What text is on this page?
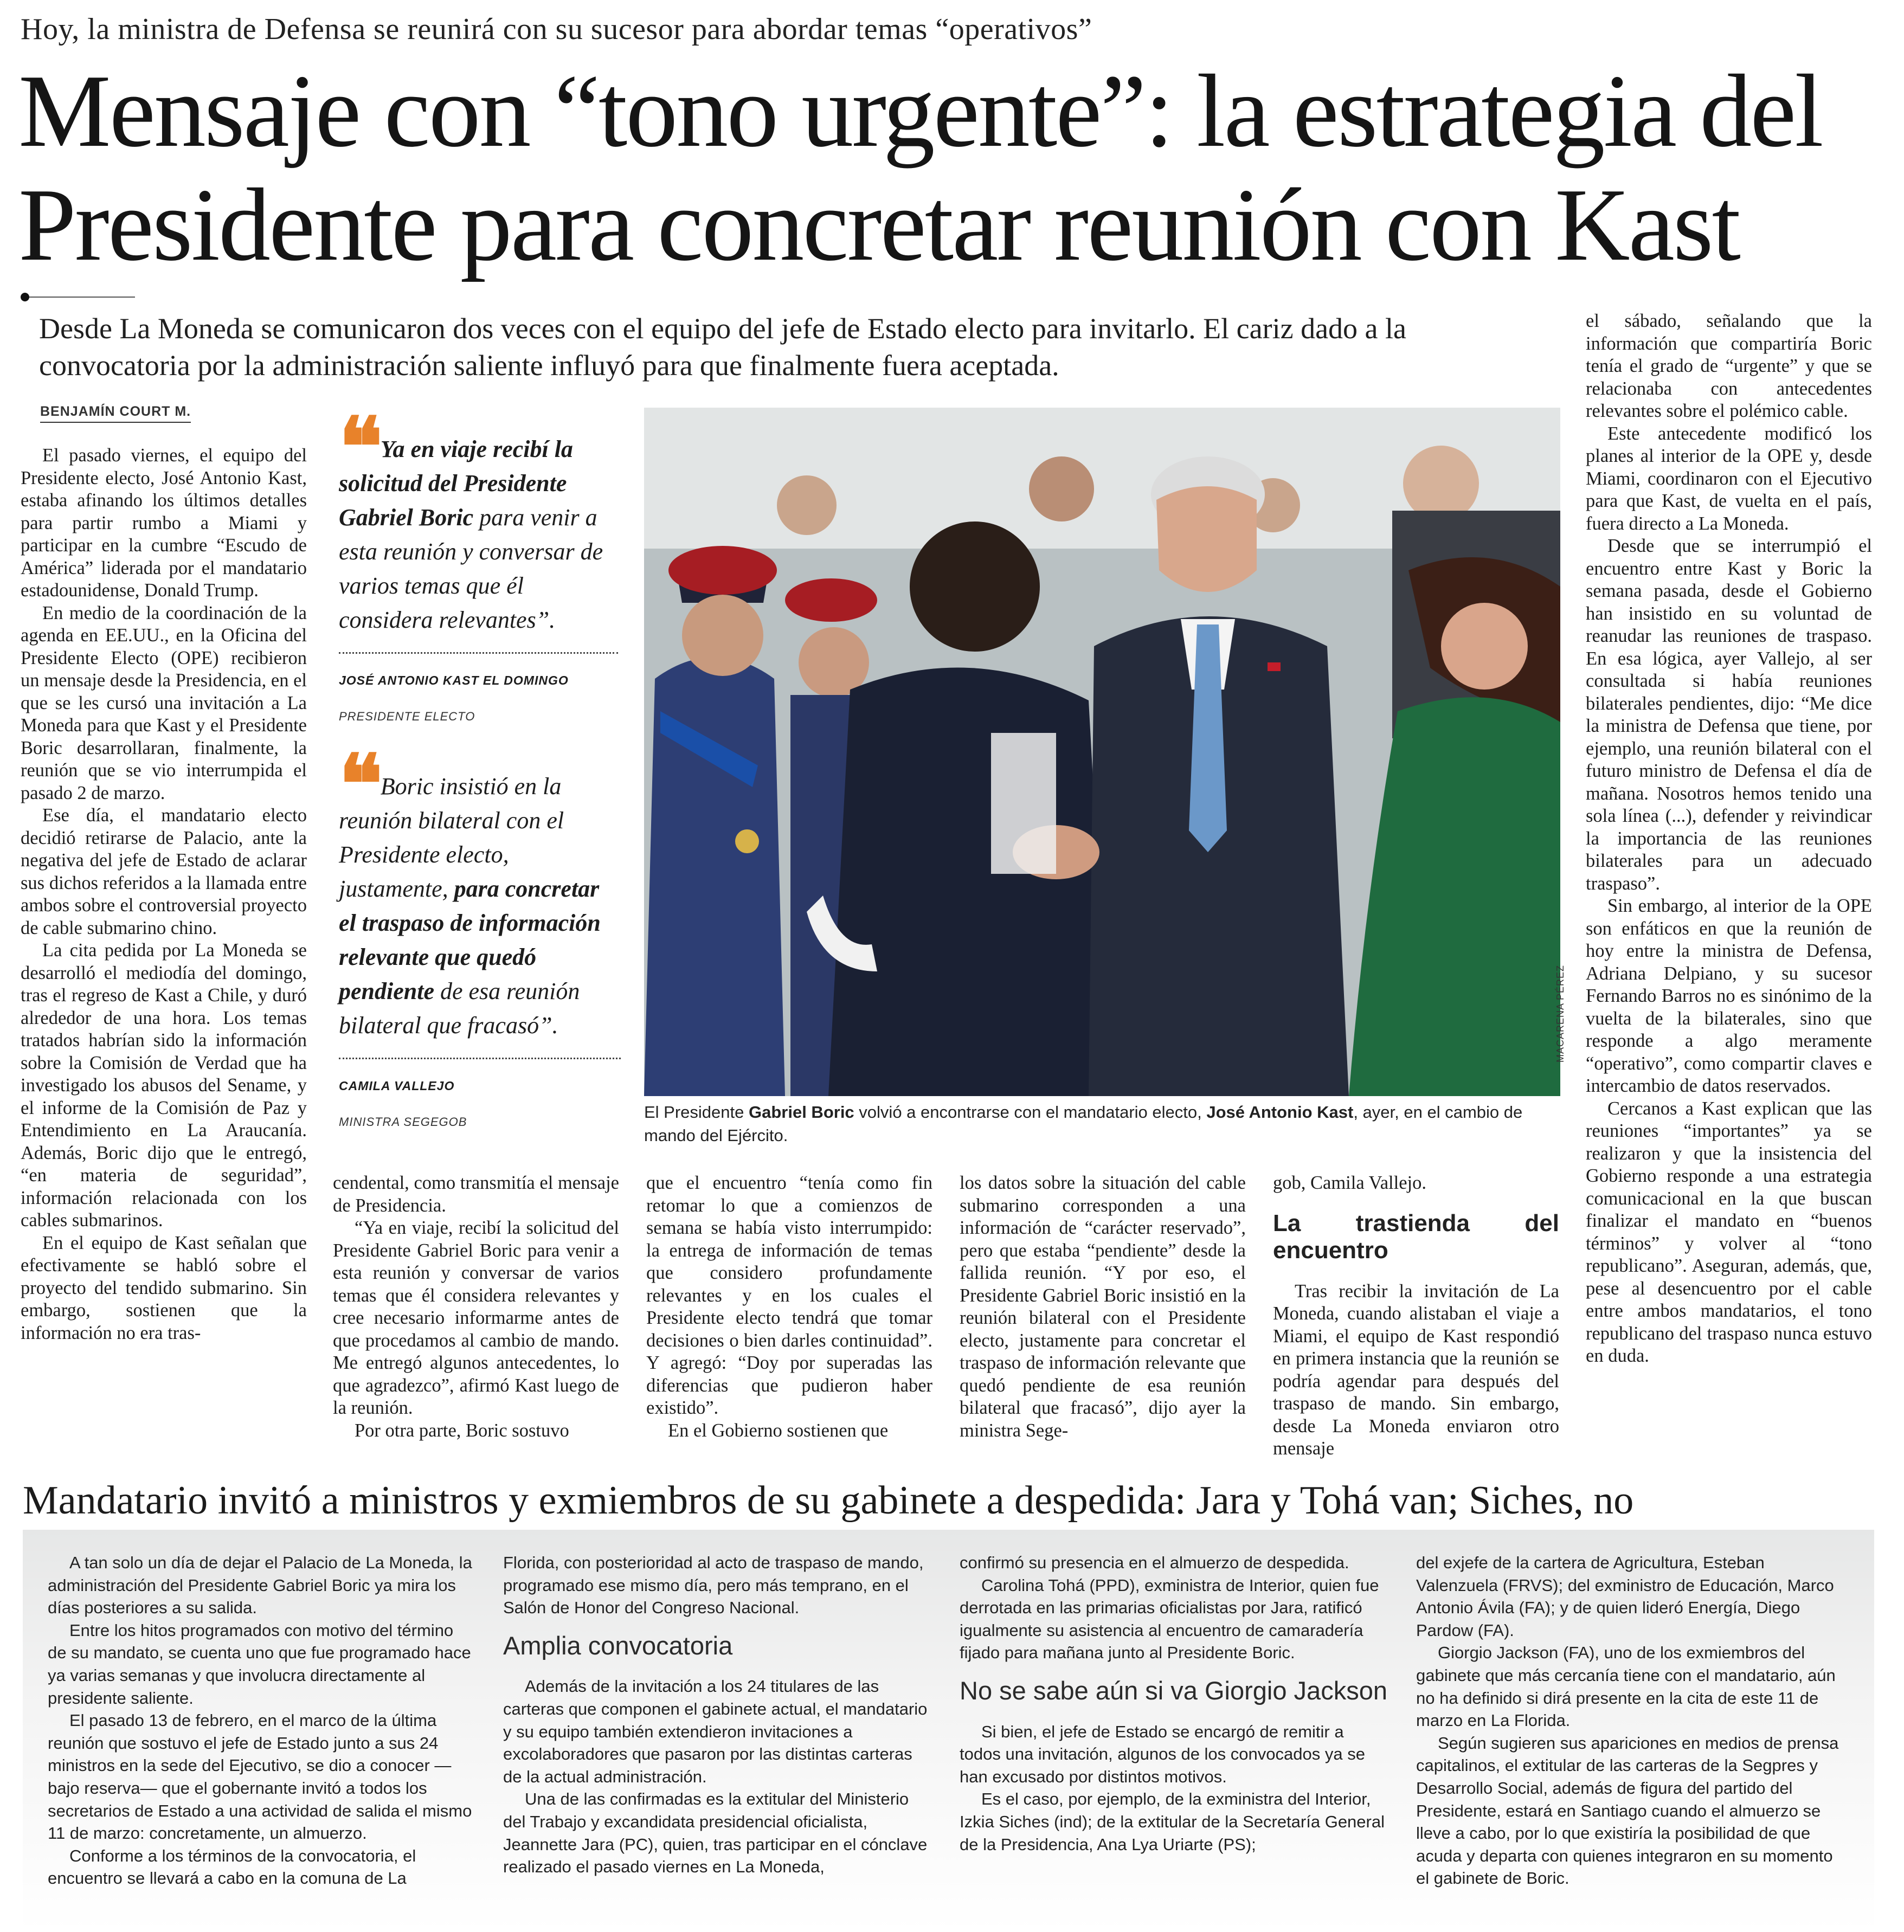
Hoy, la ministra de Defensa se reunirá con su sucesor para abordar temas “operativos”
Mensaje con “tono urgente”: la estrategia del
Presidente para concretar reunión con Kast
Desde La Moneda se comunicaron dos veces con el equipo del jefe de Estado electo para invitarlo. El cariz dado a la convocatoria por la administración saliente influyó para que finalmente fuera aceptada.
BENJAMÍN COURT M.

El pasado viernes, el equipo del Presidente electo, José Antonio Kast, estaba afinando los últimos detalles para partir rumbo a Miami y participar en la cumbre “Escudo de América” liderada por el mandatario estadounidense, Donald Trump.

En medio de la coordinación de la agenda en EE.UU., en la Oficina del Presidente Electo (OPE) recibieron un mensaje desde la Presidencia, en el que se les cursó una invitación a La Moneda para que Kast y el Presidente Boric desarrollaran, finalmente, la reunión que se vio interrumpida el pasado 2 de marzo.

Ese día, el mandatario electo decidió retirarse de Palacio, ante la negativa del jefe de Estado de aclarar sus dichos referidos a la llamada entre ambos sobre el controversial proyecto de cable submarino chino.

La cita pedida por La Moneda se desarrolló el mediodía del domingo, tras el regreso de Kast a Chile, y duró alrededor de una hora. Los temas tratados habrían sido la información sobre la Comisión de Verdad que ha investigado los abusos del Sename, y el informe de la Comisión de Paz y Entendimiento en La Araucanía. Además, Boric dijo que le entregó, “en materia de seguridad”, información relacionada con los cables submarinos.

En el equipo de Kast señalan que efectivamente se habló sobre el proyecto del tendido submarino. Sin embargo, sostienen que la información no era tras-

❝ Ya en viaje recibí la solicitud del Presidente Gabriel Boric para venir a esta reunión y conversar de varios temas que él considera relevantes”.
JOSÉ ANTONIO KAST EL DOMINGO
PRESIDENTE ELECTO
❝ Boric insistió en la reunión bilateral con el Presidente electo, justamente, para concretar el traspaso de información relevante que quedó pendiente de esa reunión bilateral que fracasó”.
CAMILA VALLEJO
MINISTRA SEGEGOB
MACARENA PÉREZ
El Presidente Gabriel Boric volvió a encontrarse con el mandatario electo, José Antonio Kast, ayer, en el cambio de mando del Ejército.

cendental, como transmitía el mensaje de Presidencia.

“Ya en viaje, recibí la solicitud del Presidente Gabriel Boric para venir a esta reunión y conversar de varios temas que él considera relevantes y cree necesario informarme antes de que procedamos al cambio de mando. Me entregó algunos antecedentes, lo que agradezco”, afirmó Kast luego de la reunión.

Por otra parte, Boric sostuvo

que el encuentro “tenía como fin retomar lo que a comienzos de semana se había visto interrumpido: la entrega de información de temas que considero profundamente relevantes y en los cuales el Presidente electo tendrá que tomar decisiones o bien darles continuidad”. Y agregó: “Doy por superadas las diferencias que pudieron haber existido”.

En el Gobierno sostienen que

los datos sobre la situación del cable submarino corresponden a una información de “carácter reservado”, pero que estaba “pendiente” desde la fallida reunión. “Y por eso, el Presidente Gabriel Boric insistió en la reunión bilateral con el Presidente electo, justamente para concretar el traspaso de información relevante que quedó pendiente de esa reunión bilateral que fracasó”, dijo ayer la ministra Sege-

gob, Camila Vallejo.

La trastienda del encuentro

Tras recibir la invitación de La Moneda, cuando alistaban el viaje a Miami, el equipo de Kast respondió en primera instancia que la reunión se podría agendar para después del traspaso de mando. Sin embargo, desde La Moneda enviaron otro mensaje

el sábado, señalando que la información que compartiría Boric tenía el grado de “urgente” y que se relacionaba con antecedentes relevantes sobre el polémico cable.

Este antecedente modificó los planes al interior de la OPE y, desde Miami, coordinaron con el Ejecutivo para que Kast, de vuelta en el país, fuera directo a La Moneda.

Desde que se interrumpió el encuentro entre Kast y Boric la semana pasada, desde el Gobierno han insistido en su voluntad de reanudar las reuniones de traspaso. En esa lógica, ayer Vallejo, al ser consultada si había reuniones bilaterales pendientes, dijo: “Me dice la ministra de Defensa que tiene, por ejemplo, una reunión bilateral con el futuro ministro de Defensa el día de mañana. Nosotros hemos tenido una sola línea (...), defender y reivindicar la importancia de las reuniones bilaterales para un adecuado traspaso”.

Sin embargo, al interior de la OPE son enfáticos en que la reunión de hoy entre la ministra de Defensa, Adriana Delpiano, y su sucesor Fernando Barros no es sinónimo de la vuelta de la bilaterales, sino que responde a algo meramente “operativo”, como compartir claves e intercambio de datos reservados.

Cercanos a Kast explican que las reuniones “importantes” ya se realizaron y que la insistencia del Gobierno responde a una estrategia comunicacional en la que buscan finalizar el mandato en “buenos términos” y volver al “tono republicano”. Aseguran, además, que, pese al desencuentro por el cable entre ambos mandatarios, el tono republicano del traspaso nunca estuvo en duda.

Mandatario invitó a ministros y exmiembros de su gabinete a despedida: Jara y Tohá van; Siches, no

A tan solo un día de dejar el Palacio de La Moneda, la administración del Presidente Gabriel Boric ya mira los días posteriores a su salida.

Entre los hitos programados con motivo del término de su mandato, se cuenta uno que fue programado hace ya varias semanas y que involucra directamente al presidente saliente.

El pasado 13 de febrero, en el marco de la última reunión que sostuvo el jefe de Estado junto a sus 24 ministros en la sede del Ejecutivo, se dio a conocer —bajo reserva— que el gobernante invitó a todos los secretarios de Estado a una actividad de salida el mismo 11 de marzo: concretamente, un almuerzo.

Conforme a los términos de la convocatoria, el encuentro se llevará a cabo en la comuna de La

Florida, con posterioridad al acto de traspaso de mando, programado ese mismo día, pero más temprano, en el Salón de Honor del Congreso Nacional.

Amplia convocatoria

Además de la invitación a los 24 titulares de las carteras que componen el gabinete actual, el mandatario y su equipo también extendieron invitaciones a excolaboradores que pasaron por las distintas carteras de la actual administración.

Una de las confirmadas es la extitular del Ministerio del Trabajo y excandidata presidencial oficialista, Jeannette Jara (PC), quien, tras participar en el cónclave realizado el pasado viernes en La Moneda,

confirmó su presencia en el almuerzo de despedida.

Carolina Tohá (PPD), exministra de Interior, quien fue derrotada en las primarias oficialistas por Jara, ratificó igualmente su asistencia al encuentro de camaradería fijado para mañana junto al Presidente Boric.

No se sabe aún si va Giorgio Jackson

Si bien, el jefe de Estado se encargó de remitir a todos una invitación, algunos de los convocados ya se han excusado por distintos motivos.

Es el caso, por ejemplo, de la exministra del Interior, Izkia Siches (ind); de la extitular de la Secretaría General de la Presidencia, Ana Lya Uriarte (PS);

del exjefe de la cartera de Agricultura, Esteban Valenzuela (FRVS); del exministro de Educación, Marco Antonio Ávila (FA); y de quien lideró Energía, Diego Pardow (FA).

Giorgio Jackson (FA), uno de los exmiembros del gabinete que más cercanía tiene con el mandatario, aún no ha definido si dirá presente en la cita de este 11 de marzo en La Florida.

Según sugieren sus apariciones en medios de prensa capitalinos, el extitular de las carteras de la Segpres y Desarrollo Social, además de figura del partido del Presidente, estará en Santiago cuando el almuerzo se lleve a cabo, por lo que existiría la posibilidad de que acuda y departa con quienes integraron en su momento el gabinete de Boric.
